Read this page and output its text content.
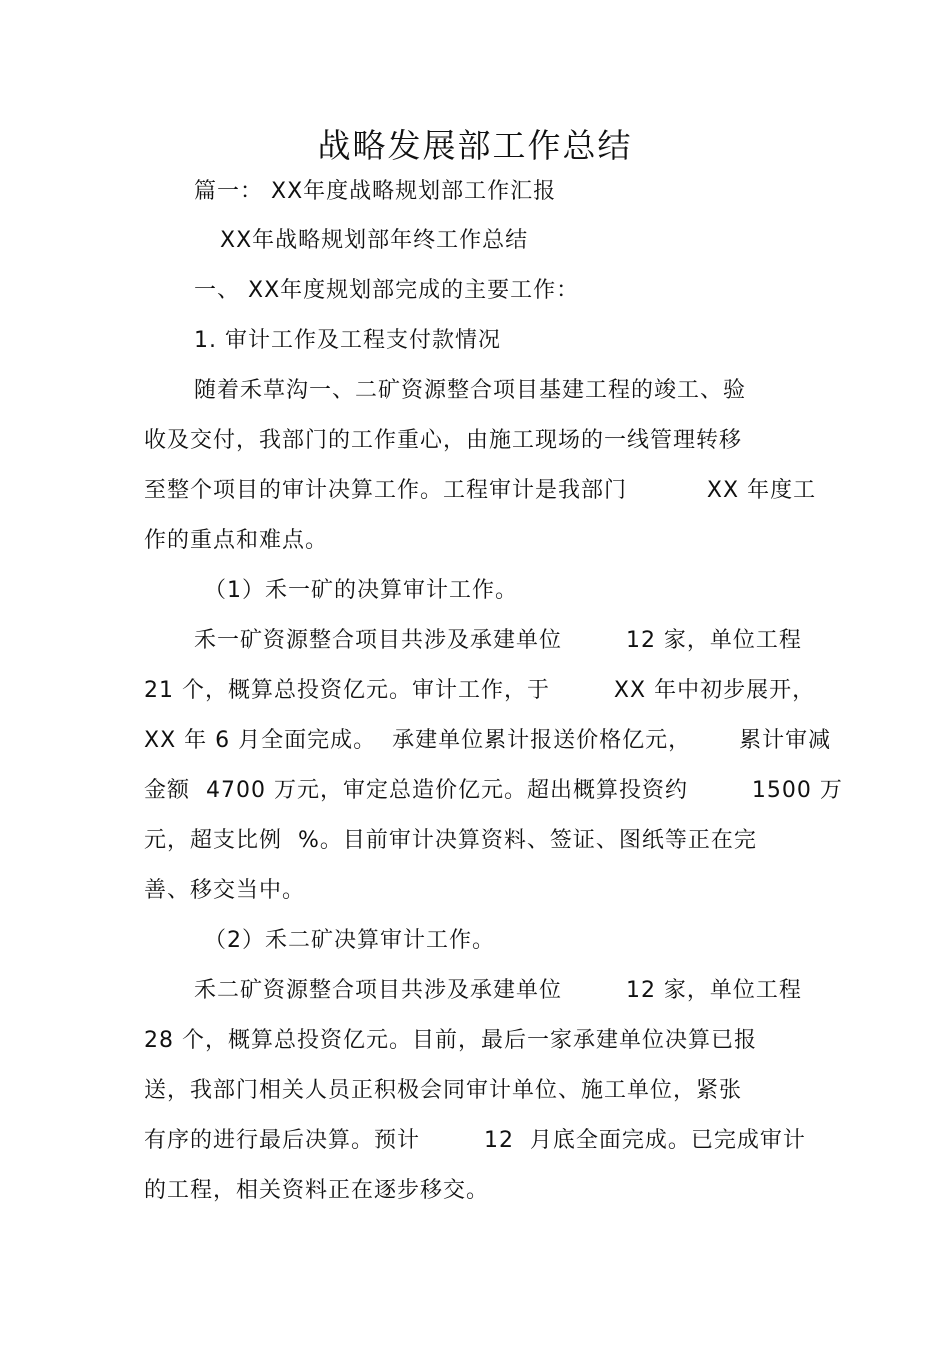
战略发展部工作总结
篇一： XX年度战略规划部工作汇报
XX年战略规划部年终工作总结
一、 XX年度规划部完成的主要工作：
1. 审计工作及工程支付款情况
随着禾草沟一、二矿资源整合项目基建工程的竣工、验
收及交付，我部门的工作重心，由施工现场的一线管理转移
至整个项目的审计决算工作。工程审计是我部门          XX 年度工
作的重点和难点。
（1）禾一矿的决算审计工作。
禾一矿资源整合项目共涉及承建单位        12 家，单位工程
21 个，概算总投资亿元。审计工作，于        XX 年中初步展开，
XX 年 6 月全面完成。  承建单位累计报送价格亿元，      累计审减
金额  4700 万元，审定总造价亿元。超出概算投资约        1500 万
元，超支比例  %。目前审计决算资料、签证、图纸等正在完
善、移交当中。
（2）禾二矿决算审计工作。
禾二矿资源整合项目共涉及承建单位        12 家，单位工程
28 个，概算总投资亿元。目前，最后一家承建单位决算已报
送，我部门相关人员正积极会同审计单位、施工单位，紧张
有序的进行最后决算。预计        12  月底全面完成。已完成审计
的工程，相关资料正在逐步移交。
